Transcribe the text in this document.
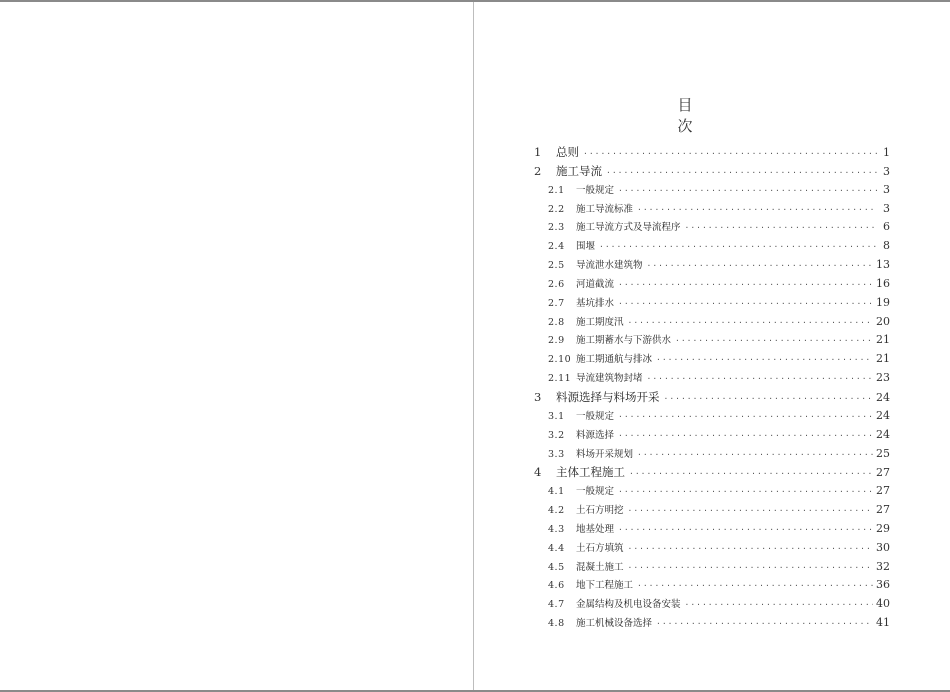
目　　次
1	总则 ·····	1
2	施工导流 ·····	3
2.1	一般规定 ·····	3
2.2	施工导流标准 ·····	3
2.3	施工导流方式及导流程序 ·····	6
2.4	围堰 ·····	8
2.5	导流泄水建筑物 ·····	13
2.6	河道截流 ·····	16
2.7	基坑排水 ·····	19
2.8	施工期度汛 ·····	20
2.9	施工期蓄水与下游供水 ·····	21
2.10 施工期通航与排冰 ·····	21
2.11 导流建筑物封堵 ·····	23
3	料源选择与料场开采 ·····	24
3.1	一般规定 ·····	24
3.2	料源选择 ·····	24
3.3	料场开采规划 ·····	25
4	主体工程施工 ·····	27
4.1	一般规定 ·····	27
4.2	土石方明挖 ·····	27
4.3	地基处理 ·····	29
4.4	土石方填筑 ·····	30
4.5	混凝土施工 ·····	32
4.6	地下工程施工 ·····	36
4.7	金属结构及机电设备安装 ·····	40
4.8	施工机械设备选择 ·····	41
